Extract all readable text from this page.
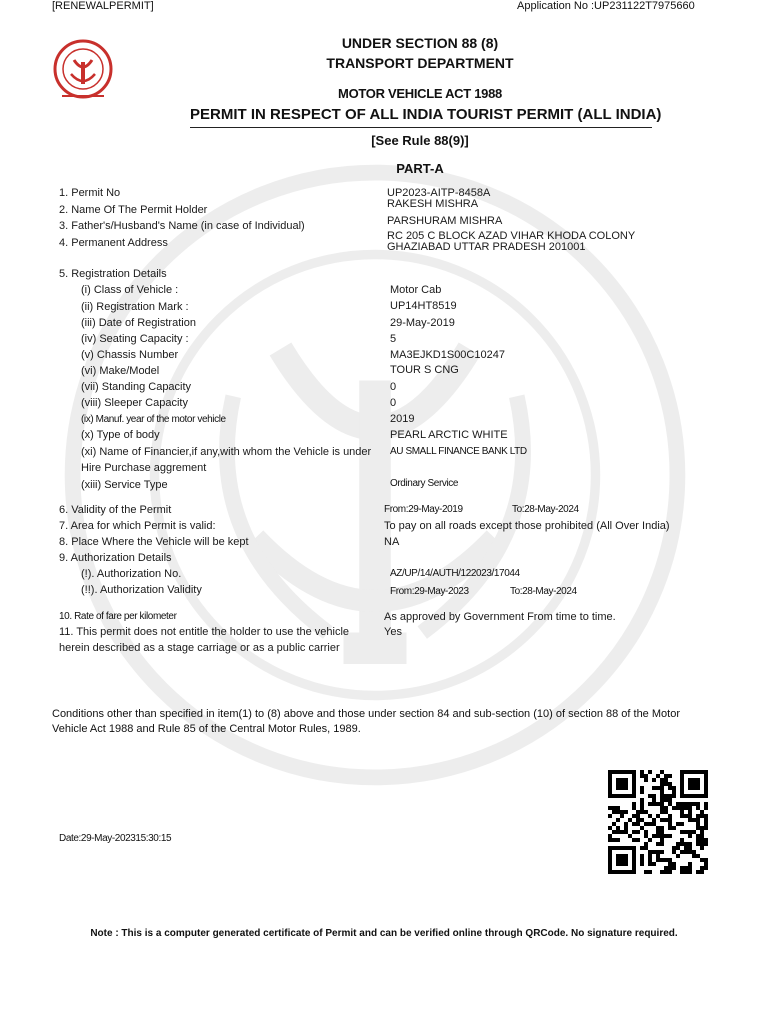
[RENEWALPERMIT]	Application No :UP231122T7975660
UNDER SECTION 88 (8)
TRANSPORT DEPARTMENT
MOTOR VEHICLE ACT 1988
PERMIT IN RESPECT OF ALL INDIA TOURIST PERMIT (ALL INDIA)
[See Rule 88(9)]
PART-A
1. Permit No	UP2023-AITP-8458A
2. Name Of The Permit Holder	RAKESH MISHRA
3. Father's/Husband's Name (in case of Individual)	PARSHURAM MISHRA
4. Permanent Address
RC 205 C BLOCK AZAD VIHAR KHODA COLONY
GHAZIABAD UTTAR PRADESH 201001
5. Registration Details
(i) Class of Vehicle :	Motor Cab
(ii) Registration Mark :	UP14HT8519
(iii) Date of Registration	29-May-2019
(iv) Seating Capacity :	5
(v) Chassis Number	MA3EJKD1S00C10247
(vi) Make/Model	TOUR S CNG
(vii) Standing Capacity	0
(viii) Sleeper Capacity	0
(ix) Manuf. year of the motor vehicle	2019
(x) Type of body	PEARL ARCTIC WHITE
(xi) Name of Financier,if any,with whom the Vehicle is under
Hire Purchase aggrement
AU SMALL FINANCE BANK LTD
(xiii) Service Type	Ordinary Service
6. Validity of the Permit	From:29-May-2019	To:28-May-2024
7. Area for which Permit is valid:	To pay on all roads except those prohibited (All Over India)
8. Place Where the Vehicle will be kept	NA
9. Authorization Details
(!). Authorization No.	AZ/UP/14/AUTH/122023/17044
(!!). Authorization Validity	From:29-May-2023	To:28-May-2024
10. Rate of fare per kilometer	As approved by Government From time to time.
11. This permit does not entitle the holder to use the vehicle
herein described as a stage carriage or as a public carrier
Yes
Conditions other than specified in item(1) to (8) above and those under section 84 and sub-section (10) of section 88 of the Motor Vehicle Act 1988 and Rule 85 of the Central Motor Rules, 1989.
Date:29-May-202315:30:15
Note : This is a computer generated certificate of Permit and can be verified online through QRCode. No signature required.
